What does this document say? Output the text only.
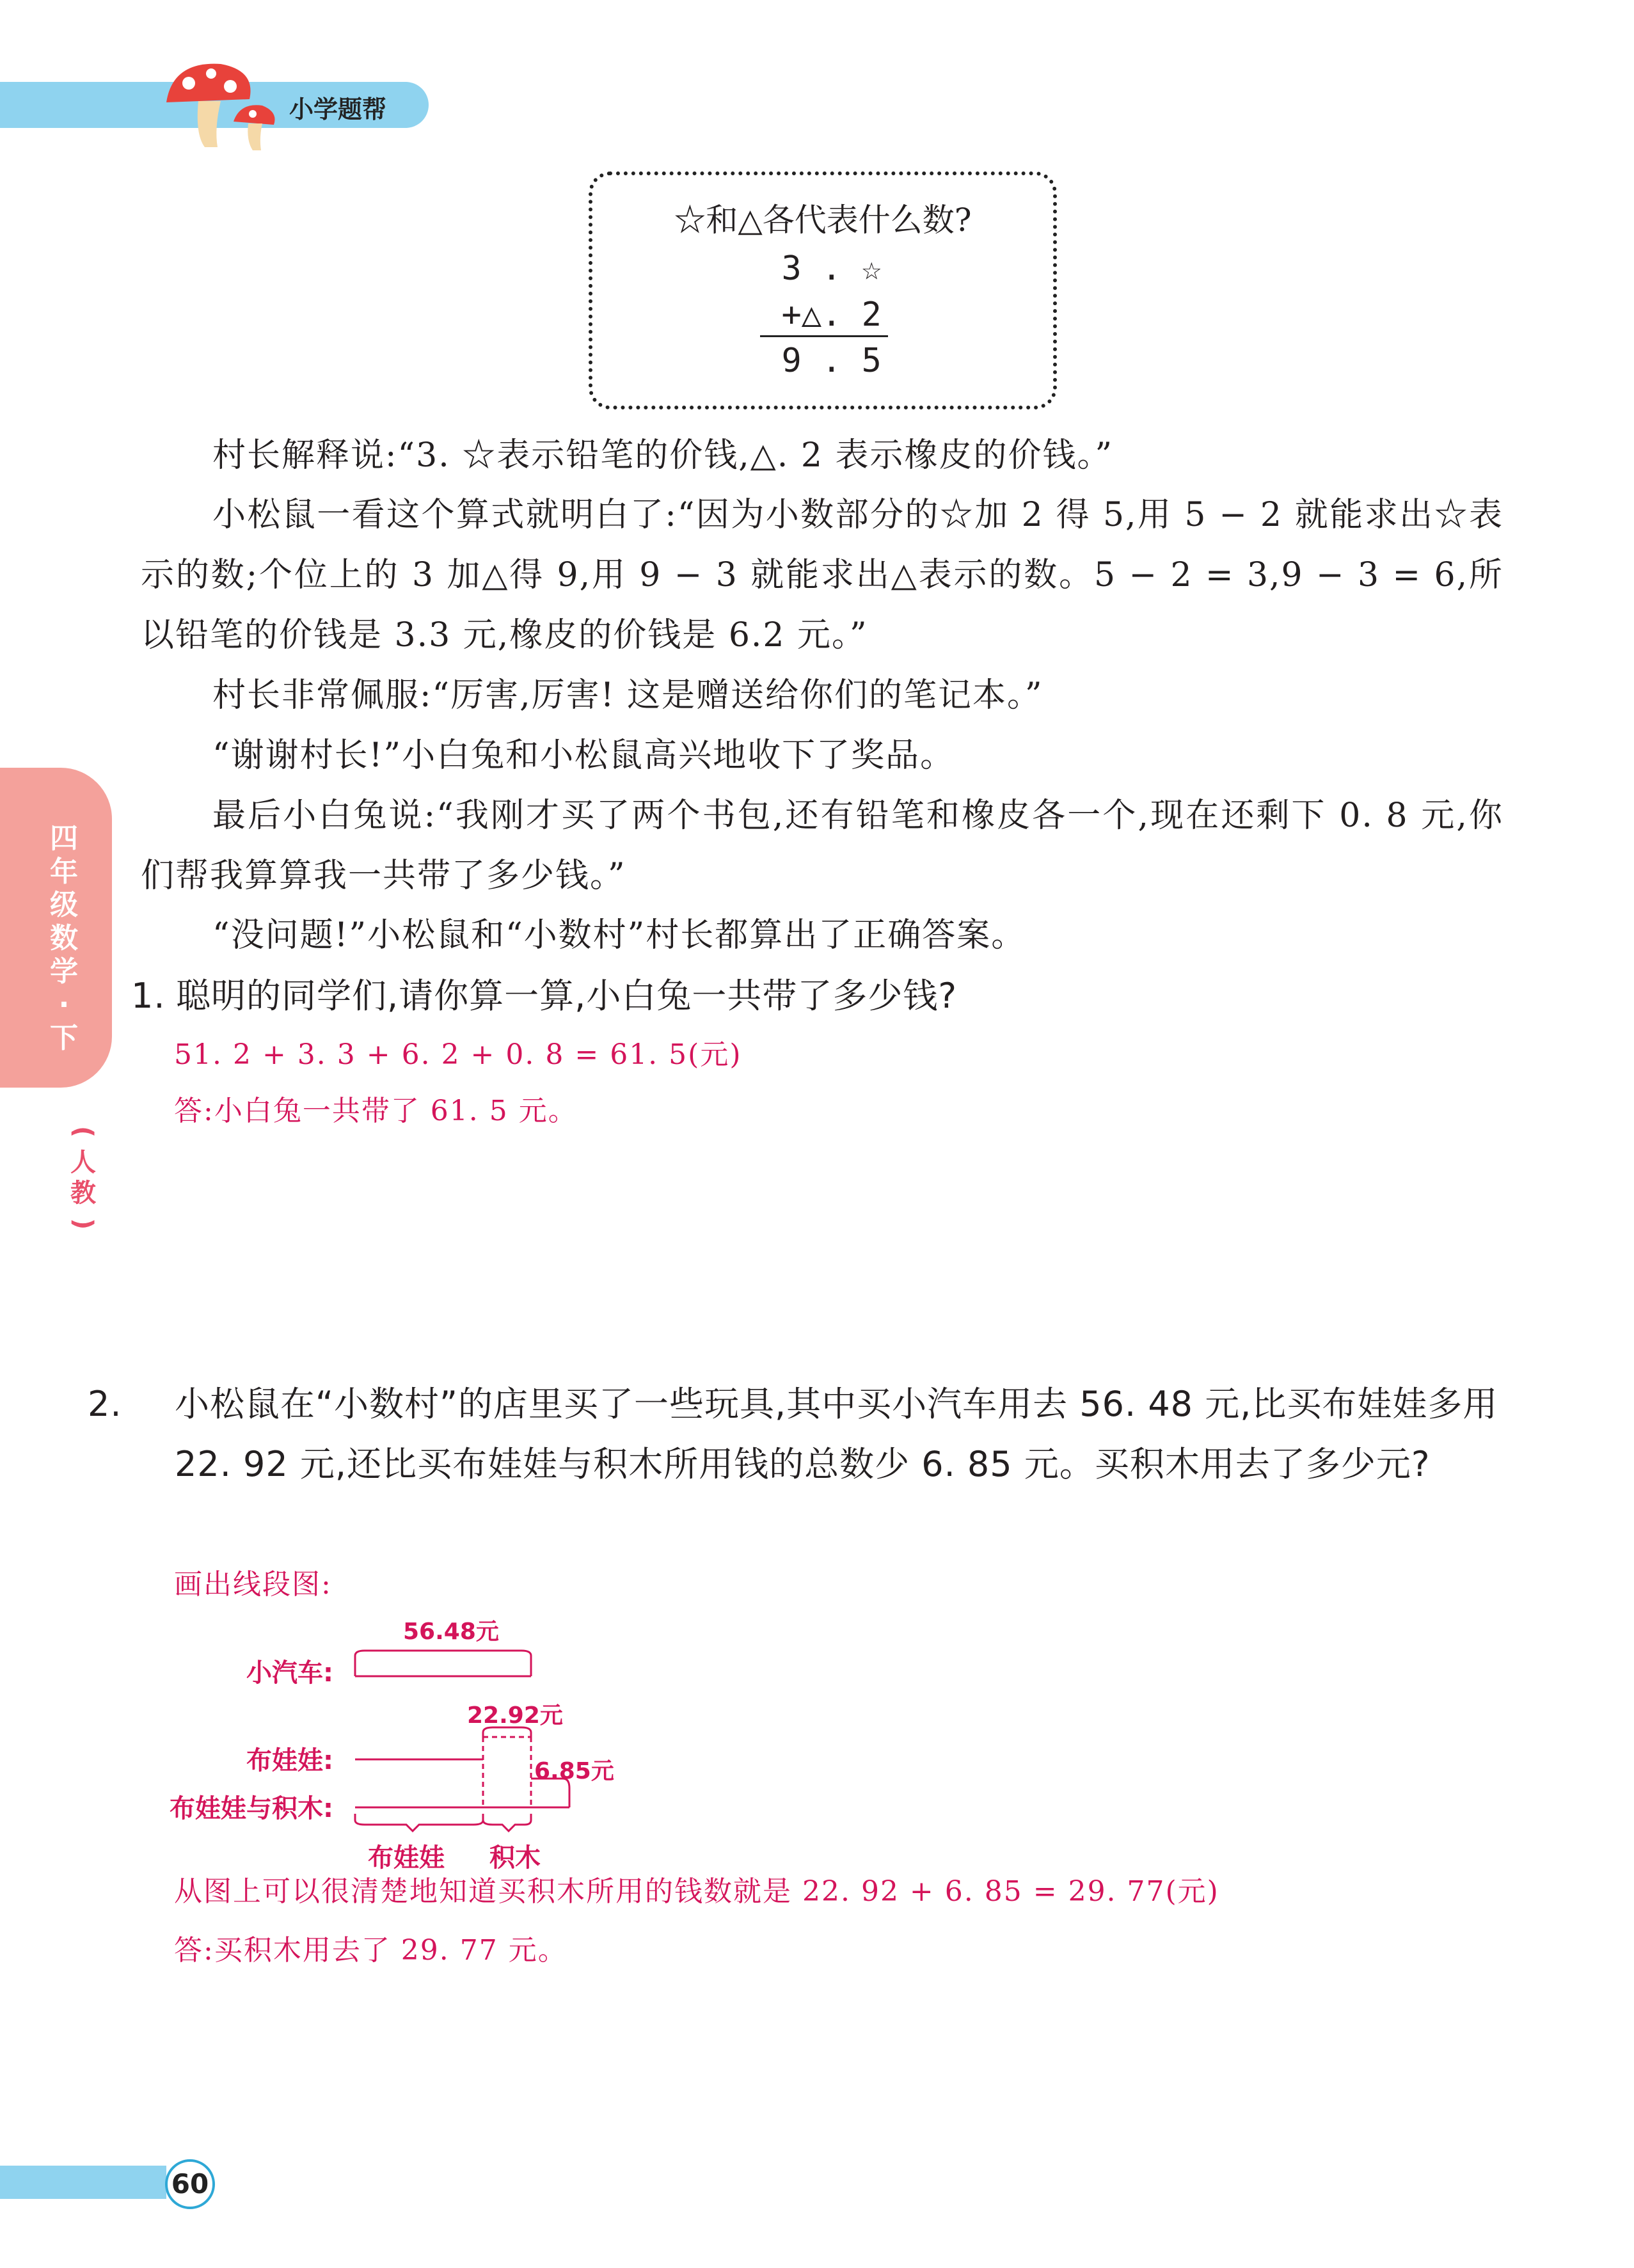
小学题帮
四
年
级
数
学
·
下
(
人
教
)
☆和△各代表什么数?
3 . ☆
+△. 2
9 . 5
村长解释说:“3. ☆表示铅笔的价钱,△. 2 表示橡皮的价钱。”
小松鼠一看这个算式就明白了:“因为小数部分的☆加 2 得 5,用 5 − 2 就能求出☆表示的数;个位上的 3 加△得 9,用 9 − 3 就能求出△表示的数。5 − 2 = 3,9 − 3 = 6,所以铅笔的价钱是 3.3 元,橡皮的价钱是 6.2 元。”
村长非常佩服:“厉害,厉害! 这是赠送给你们的笔记本。”
“谢谢村长!”小白兔和小松鼠高兴地收下了奖品。
最后小白兔说:“我刚才买了两个书包,还有铅笔和橡皮各一个,现在还剩下 0. 8 元,你们帮我算算我一共带了多少钱。”
“没问题!”小松鼠和“小数村”村长都算出了正确答案。
1. 聪明的同学们,请你算一算,小白兔一共带了多少钱?
51. 2 + 3. 3 + 6. 2 + 0. 8 = 61. 5(元)
答:小白兔一共带了 61. 5 元。
2. 小松鼠在“小数村”的店里买了一些玩具,其中买小汽车用去 56. 48 元,比买布娃娃多用 22. 92 元,还比买布娃娃与积木所用钱的总数少 6. 85 元。买积木用去了多少元?
画出线段图:
小汽车:
56.48元
布娃娃:
22.92元
布娃娃与积木:
6.85元
布娃娃 积木
从图上可以很清楚地知道买积木所用的钱数就是 22. 92 + 6. 85 = 29. 77(元)
答:买积木用去了 29. 77 元。
60
